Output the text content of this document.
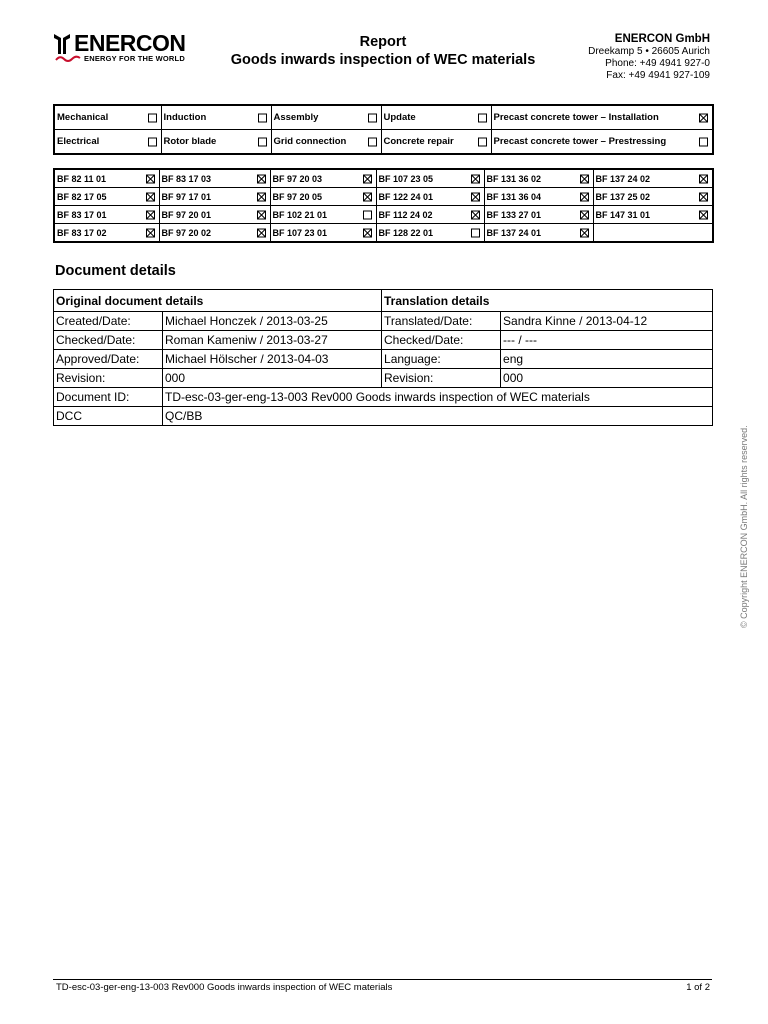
ENERCON
ENERGY FOR THE WORLD
Report
Goods inwards inspection of WEC materials
ENERCON GmbH
Dreekamp 5 • 26605 Aurich
Phone: +49 4941 927-0
Fax: +49 4941 927-109
Mechanical	Induction	Assembly	Update	Precast concrete tower – Installation

Electrical	Rotor blade	Grid connection	Concrete repair	Precast concrete tower – Prestressing
BF 82 11 01	BF 83 17 03	BF 97 20 03	BF 107 23 05	BF 131 36 02	BF 137 24 02

BF 82 17 05	BF 97 17 01	BF 97 20 05	BF 122 24 01	BF 131 36 04	BF 137 25 02

BF 83 17 01	BF 97 20 01	BF 102 21 01	BF 112 24 02	BF 133 27 01	BF 147 31 01

BF 83 17 02	BF 97 20 02	BF 107 23 01	BF 128 22 01	BF 137 24 01

Document details
Original document details		Translation details	
Created/Date:	Michael Honczek / 2013-03-25	Translated/Date:	Sandra Kinne / 2013-04-12
Checked/Date:	Roman Kameniw / 2013-03-27	Checked/Date:	--- / ---
Approved/Date:	Michael Hölscher / 2013-04-03	Language:	eng
Revision:	000	Revision:	000
Document ID:	TD-esc-03-ger-eng-13-003 Rev000 Goods inwards inspection of WEC materials		
DCC	QC/BB		
© Copyright ENERCON GmbH. All rights reserved.
TD-esc-03-ger-eng-13-003 Rev000 Goods inwards inspection of WEC materials	1 of 2
